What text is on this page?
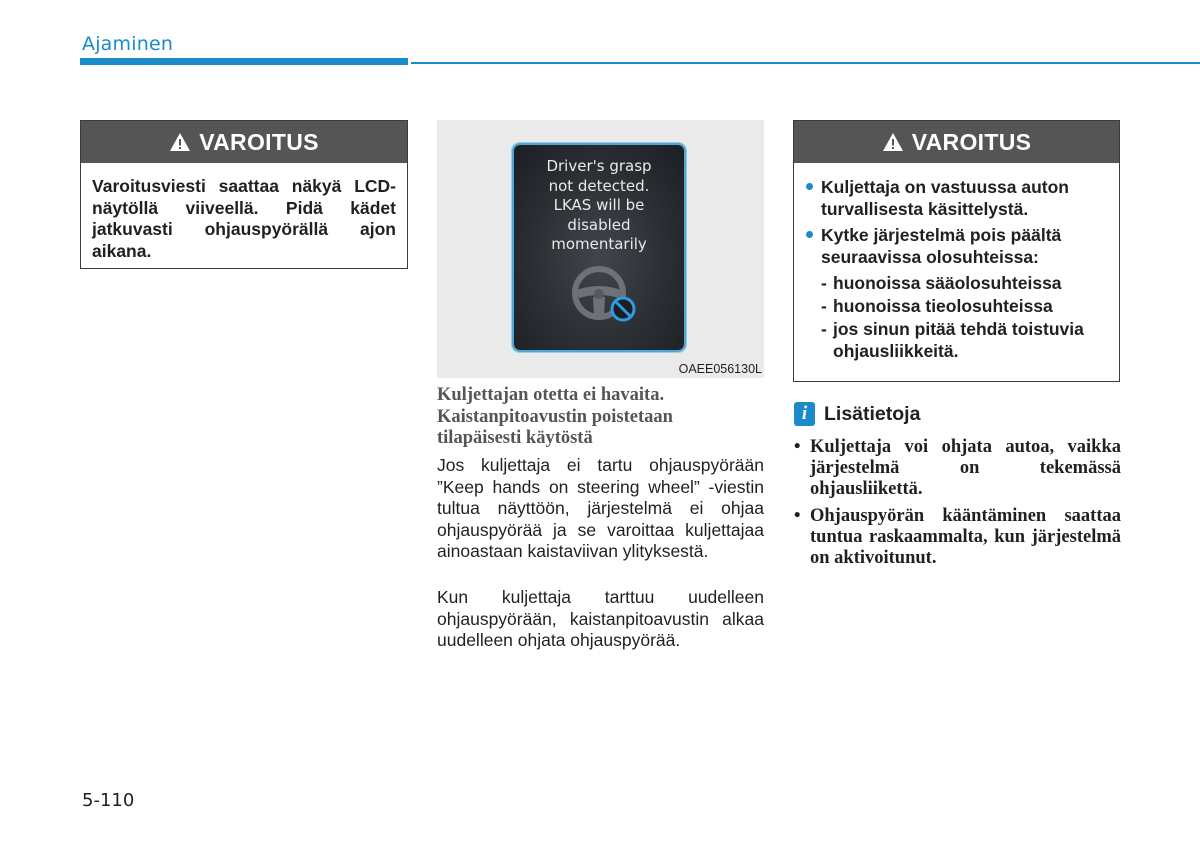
Ajaminen
VAROITUS
Varoitusviesti saattaa näkyä LCD-näytöllä viiveellä. Pidä kädet jatkuvasti ohjauspyörällä ajon aikana.
Driver's grasp
not detected.
LKAS will be
disabled
momentarily
OAEE056130L
Kuljettajan otetta ei havaita.
Kaistanpitoavustin poistetaan
tilapäisesti käytöstä
Jos kuljettaja ei tartu ohjauspyörään ”Keep hands on steering wheel” -viestin tultua näyttöön, järjestelmä ei ohjaa ohjauspyörää ja se varoittaa kuljettajaa ainoastaan kaistaviivan ylityksestä.
Kun kuljettaja tarttuu uudelleen ohjauspyörään, kaistanpitoavustin alkaa uudelleen ohjata ohjauspyörää.
VAROITUS
Kuljettaja on vastuussa auton turvallisesta käsittelystä.
Kytke järjestelmä pois päältä seuraavissa olosuhteissa:
- huonoissa sääolosuhteissa
- huonoissa tieolosuhteissa
- jos sinun pitää tehdä toistuvia ohjausliikkeitä.
i Lisätietoja
• Kuljettaja voi ohjata autoa, vaikka järjestelmä on tekemässä ohjausliikettä.
• Ohjauspyörän kääntäminen saattaa tuntua raskaammalta, kun järjestelmä on aktivoitunut.
5-110
